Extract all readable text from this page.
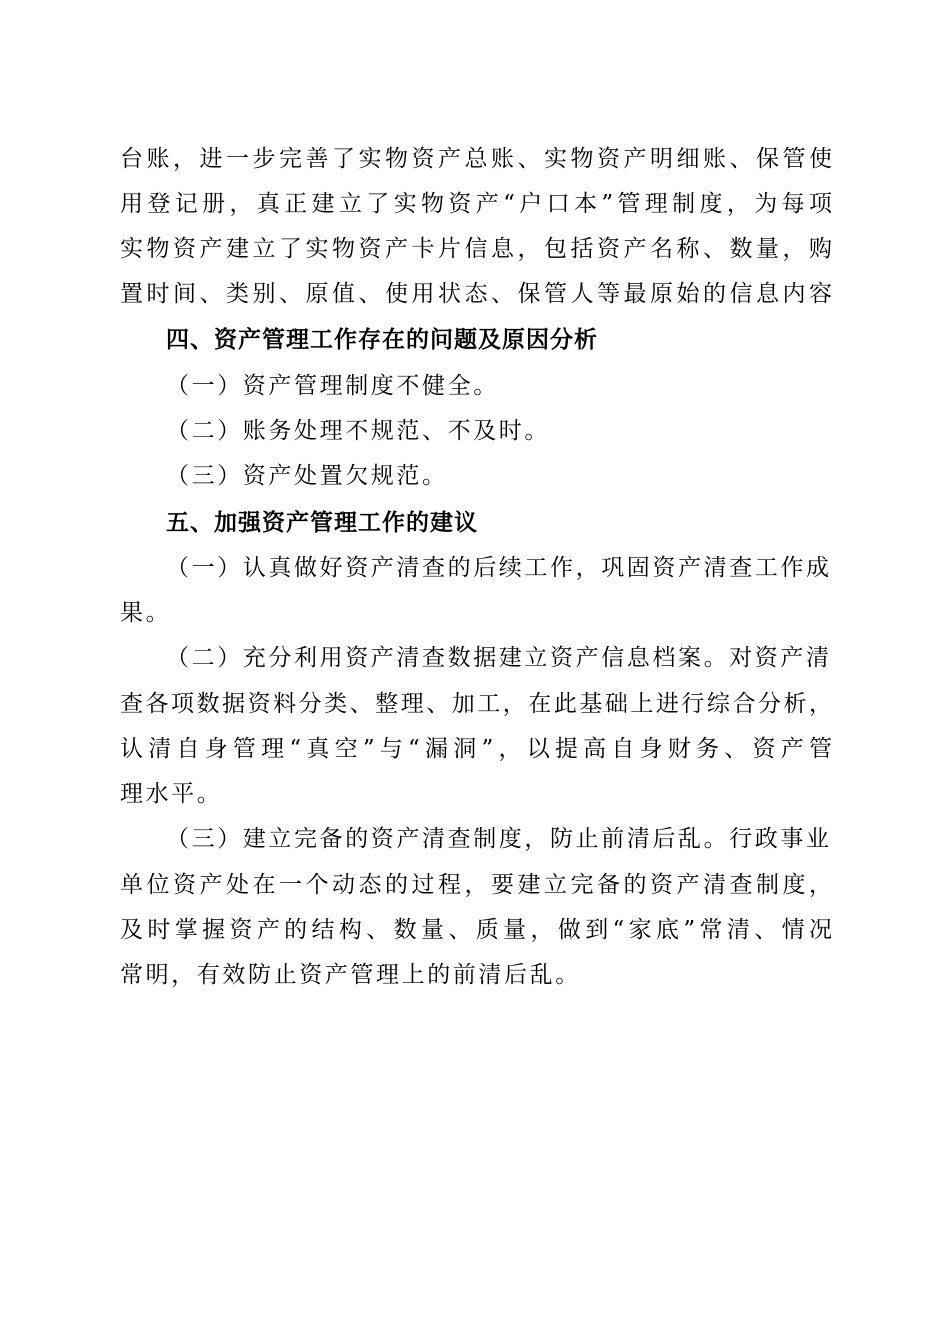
台账，进一步完善了实物资产总账、实物资产明细账、保管使
用登记册，真正建立了实物资产“户口本”管理制度，为每项
实物资产建立了实物资产卡片信息，包括资产名称、数量，购
置时间、类别、原值、使用状态、保管人等最原始的信息内容
四、资产管理工作存在的问题及原因分析
（一）资产管理制度不健全。
（二）账务处理不规范、不及时。
（三）资产处置欠规范。
五、加强资产管理工作的建议
（一）认真做好资产清查的后续工作，巩固资产清查工作成
果。
（二）充分利用资产清查数据建立资产信息档案。对资产清
查各项数据资料分类、整理、加工，在此基础上进行综合分析，
认清自身管理“真空”与“漏洞”，以提高自身财务、资产管
理水平。
（三）建立完备的资产清查制度，防止前清后乱。行政事业
单位资产处在一个动态的过程，要建立完备的资产清查制度，
及时掌握资产的结构、数量、质量，做到“家底”常清、情况
常明，有效防止资产管理上的前清后乱。
